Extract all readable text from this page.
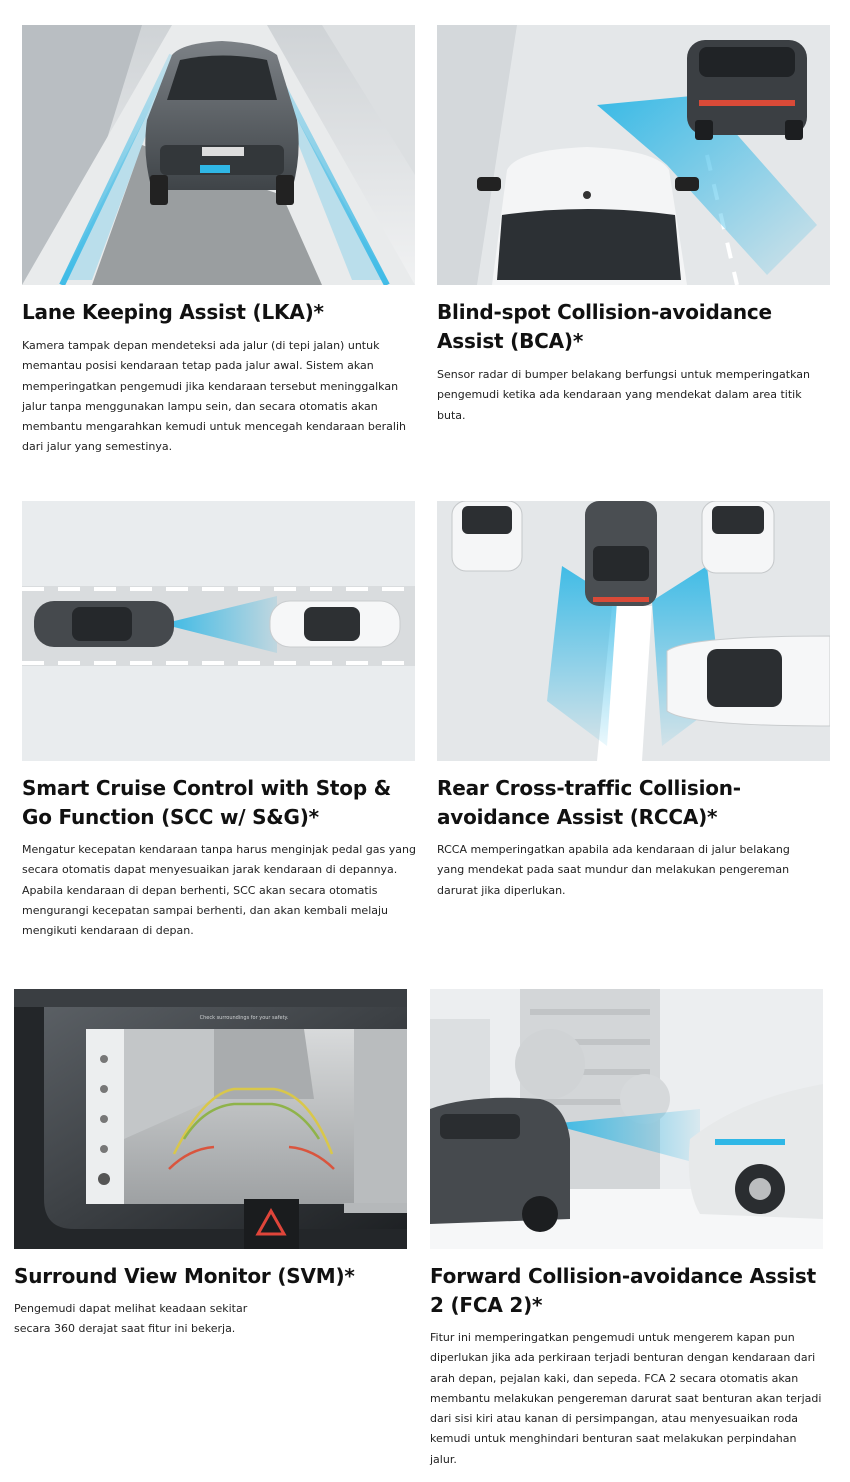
Lane Keeping Assist (LKA)*

Kamera tampak depan mendeteksi ada jalur (di tepi jalan) untuk memantau posisi kendaraan tetap pada jalur awal. Sistem akan memperingatkan pengemudi jika kendaraan tersebut meninggalkan jalur tanpa menggunakan lampu sein, dan secara otomatis akan membantu mengarahkan kemudi untuk mencegah kendaraan beralih dari jalur yang semestinya.

Blind-spot Collision-avoidance Assist (BCA)*

Sensor radar di bumper belakang berfungsi untuk memperingatkan pengemudi ketika ada kendaraan yang mendekat dalam area titik buta.

Smart Cruise Control with Stop & Go Function (SCC w/ S&G)*

Mengatur kecepatan kendaraan tanpa harus menginjak pedal gas yang secara otomatis dapat menyesuaikan jarak kendaraan di depannya. Apabila kendaraan di depan berhenti, SCC akan secara otomatis mengurangi kecepatan sampai berhenti, dan akan kembali melaju mengikuti kendaraan di depan.

Rear Cross-traffic Collision-avoidance Assist (RCCA)*

RCCA memperingatkan apabila ada kendaraan di jalur belakang yang mendekat pada saat mundur dan melakukan pengereman darurat jika diperlukan.

Check surroundings for your safety.
Surround View Monitor (SVM)*

Pengemudi dapat melihat keadaan sekitar secara 360 derajat saat fitur ini bekerja.

Forward Collision-avoidance Assist 2 (FCA 2)*

Fitur ini memperingatkan pengemudi untuk mengerem kapan pun diperlukan jika ada perkiraan terjadi benturan dengan kendaraan dari arah depan, pejalan kaki, dan sepeda. FCA 2 secara otomatis akan membantu melakukan pengereman darurat saat benturan akan terjadi dari sisi kiri atau kanan di persimpangan, atau menyesuaikan roda kemudi untuk menghindari benturan saat melakukan perpindahan jalur.
